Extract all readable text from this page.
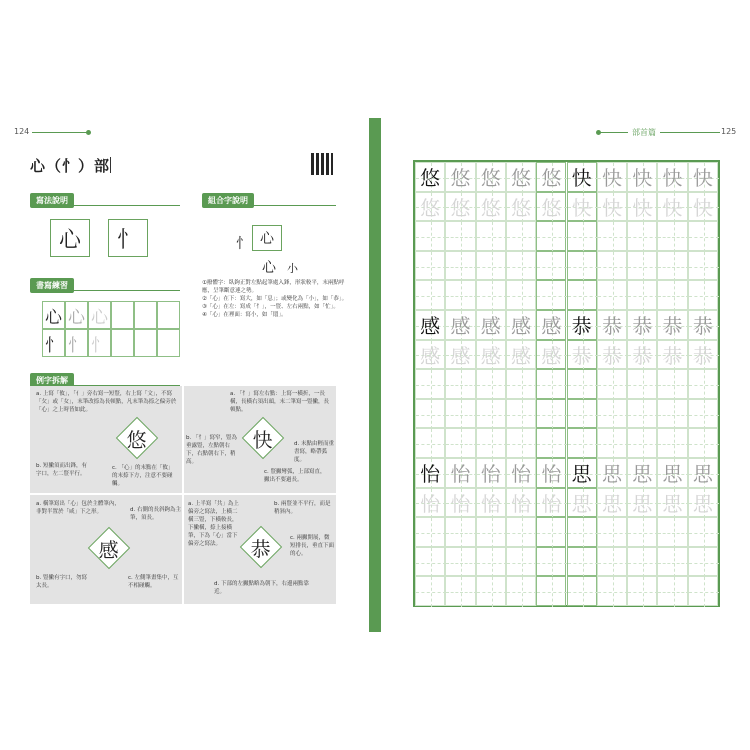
124
心（忄）部
寫法說明
心	忄
組合字說明
忄 心
心 小
①撥體字：臥鉤正對左點起筆處入鋒，形狀較平，末兩點呼應，呈筆斷意連之勢。
②「心」在下：寫大，如「息」；或變化為「小」，如「恭」。
③「心」在左：寫成「忄」，一豎、左右兩點，如「忙」。
④「心」在裡面：寫小，如「悶」。
書寫練習
心 心 心
忄 忄 忄
例字拆解
a. 上寫「攸」，「亻」旁右寫一短豎，右上寫「文」，不寫「攵」或「女」，末筆改捺為長頓點，凡末筆為捺之偏旁於「心」之上時皆如此。
悠
b. 短撇須而出鋒，有字口，左二豎平行。
c. 「心」的末點在「攸」的末捺下方，注意不要碰觸。
a. 「忄」寫左右點：上寫一橫折，一長橫，長橫右須出頭，末二筆寫一豎撇，長頓點。
b. 「忄」寫窄，豎為垂露豎，左點朝右下，右點朝右下，稍高。
快	d. 末點由輕而重書寫，略帶弧度。
c. 豎撇彎弧，上部寫直，撇出不要過長。
a. 橫筆寫出「心」包於主體筆內，非對半置於「咸」下之形。	d. 右側的長斜鉤為主筆，須長。
感
b. 豎撇有字口，勿寫太長。
c. 左側筆畫集中，互不相碰觸。
a. 上半寫「共」為上偏旁之寫法，上橫二橫三豎，下橫較長，下撇橫，捺上接橫筆，下為「心」當下偏旁之寫法。
b. 兩豎並不平行，而是稍斜內。
恭	c. 兩撇開展，微短排長，垂直下面的心。
d. 下部的左撇點略為朝下，右邊兩點靠近。
部首篇	125
悠 悠 悠 悠 悠 快 快 快 快 快
悠 悠 悠 悠 悠 快 快 快 快 快
感 感 感 感 感 恭 恭 恭 恭 恭
感 感 感 感 感 恭 恭 恭 恭 恭
怡 怡 怡 怡 怡 思 思 思 思 思
怡 怡 怡 怡 怡 思 思 思 思 思
